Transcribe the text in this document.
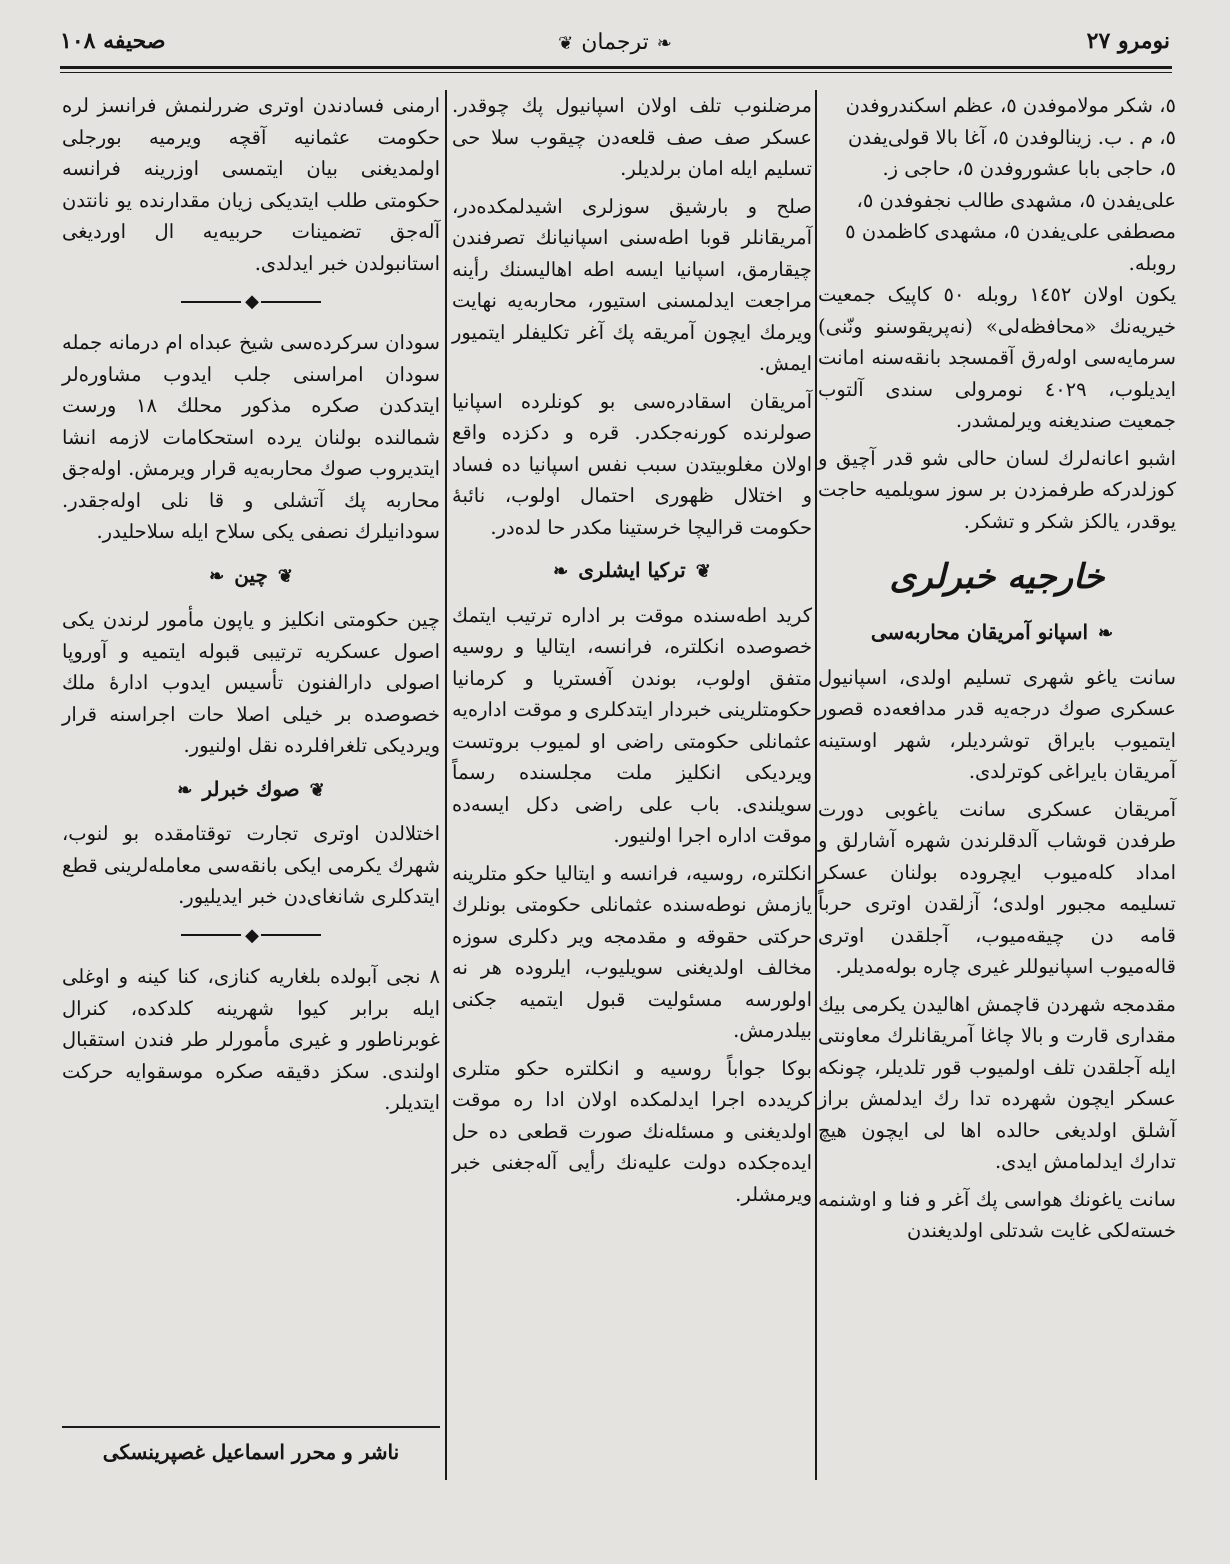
صحیفه ١٠٨	❦ ترجمان ❧	نومرو ٢٧
٥، شکر مولاموفدن ٥، عظم اسکندروفدن
٥، م . ب. زینالوفدن ٥، آغا بالا قولی‌یفدن
٥، حاجی بابا عشوروفدن ٥، حاجی ز.
علی‌یفدن ٥، مشهدی طالب نجفوفدن ٥،
مصطفی علی‌یفدن ٥، مشهدی کاظمدن ٥
روبله.

یکون اولان ١٤٥٢ روبله ٥٠ کاپیک جمعیت خیریه‌نك «محافظه‌لی» (نه‌پریقوسنو ونّنی) سرمایه‌سی اوله‌رق آقمسجد بانقه‌سنه امانت ایدیلوب، ٤٠٢٩ نومرولی سندی آلتوب جمعیت صندیغنه ویرلمشدر.

اشبو اعانه‌لرك لسان حالی شو قدر آچیق و کوزلدرکه طرفمزدن بر سوز سویلمیه حاجت یوقدر، یالکز شکر و تشکر.

خارجیه خبرلری
❧اسپانو آمریقان محاربه‌سی

سانت یاغو شهری تسلیم اولدی، اسپانیول عسکری صوك درجه‌یه قدر مدافعه‌ده قصور ایتمیوب بایراق توشردیلر، شهر اوستینه آمریقان بایراغی کوترلدی.

آمریقان عسکری سانت یاغوبی دورت طرفدن قوشاب آلدقلرندن شهره آشارلق و امداد کله‌میوب ایچروده بولنان عسکر تسلیمه مجبور اولدی؛ آزلقدن اوتری حرباً قامه دن چیقه‌میوب، آجلقدن اوتری قاله‌میوب اسپانیوللر غیری چاره بوله‌مدیلر.

مقدمجه شهردن قاچمش اهالیدن یکرمی بیك مقداری قارت و بالا چاغا آمریقانلرك معاونتی ایله آجلقدن تلف اولمیوب قور تلدیلر، چونکه عسکر ایچون شهرده تدا رك ایدلمش براز آشلق اولدیغی حالده اها لی ایچون هیچ تدارك ایدلمامش ایدی.

سانت یاغونك هواسی پك آغر و فنا و اوشنمه خسته‌لکی غایت شدتلی اولدیغندن

مرضلنوب تلف اولان اسپانیول پك چوقدر. عسکر صف صف قلعه‌دن چیقوب سلا حی تسلیم ایله امان برلدیلر.

صلح و بارشیق سوزلری اشیدلمکده‌در، آمریقانلر قوبا اطه‌سنی اسپانیانك تصرفندن چیقارمق، اسپانیا ایسه اطه اهالیسنك رأینه مراجعت ایدلمسنی استیور، محاربه‌یه نهایت ویرمك ایچون آمریقه پك آغر تکلیفلر ایتمیور ایمش.

آمریقان اسقادره‌سی بو کونلرده اسپانیا صولرنده کورنه‌جکدر. قره و دکزده واقع اولان مغلوبیتدن سبب نفس اسپانیا ده فساد و اختلال ظهوری احتمال اولوب، نائبهٔ حکومت قرالیچا خرستینا مکدر حا لده‌در.

❦ترکیا ایشلری❧

کرید اطه‌سنده موقت بر اداره ترتیب ایتمك خصوصده انکلتره، فرانسه، ایتالیا و روسیه متفق اولوب، بوندن آفستریا و کرمانیا حکومتلرینی خبردار ایتدکلری و موقت اداره‌یه عثمانلی حکومتی راضی او لمیوب بروتست ویردیکی انکلیز ملت مجلسنده رسماً سویلندی. باب علی راضی دکل ایسه‌ده موقت اداره اجرا اولنیور.

انکلتره، روسیه، فرانسه و ایتالیا حکو متلرینه یازمش نوطه‌سنده عثمانلی حکومتی بونلرك حرکتی حقوقه و مقدمجه ویر دکلری سوزه مخالف اولدیغنی سویلیوب، ایلروده هر نه اولورسه مسئولیت قبول ایتمیه جکنی بیلدرمش.

بوکا جواباً روسیه و انکلتره حکو متلری کریدده اجرا ایدلمکده اولان ادا ره موقت اولدیغنی و مسئله‌نك صورت قطعی ده حل ایده‌جکده دولت علیه‌نك رأیی آله‌جغنی خبر ویرمشلر.

ارمنی فسادندن اوتری ضررلنمش فرانسز لره حکومت عثمانیه آقچه ویرمیه بورجلی اولمدیغنی بیان ایتمسی اوزرینه فرانسه حکومتی طلب ایتدیکی زیان مقدارنده یو نانتدن آله‌جق تضمینات حربیه‌یه ال اوردیغی استانبولدن خبر ایدلدی.

◆

سودان سرکرده‌سی شیخ عبداه ام درمانه جمله سودان امراسنی جلب ایدوب مشاوره‌لر ایتدکدن صکره مذکور محلك ١٨ ورست شمالنده بولنان یرده استحکامات لازمه انشا ایتدیروب صوك محاربه‌یه قرار ویرمش. اوله‌جق محاربه پك آتشلی و قا نلی اوله‌جقدر. سودانیلرك نصفی یکی سلاح ایله سلاحلیدر.

❦چین❧

چین حکومتی انکلیز و یاپون مأمور لرندن یکی اصول عسکریه ترتیبی قبوله ایتمیه و آوروپا اصولی دارالفنون تأسیس ایدوب ادارهٔ ملك خصوصده بر خیلی اصلا حات اجراسنه قرار ویردیکی تلغرافلرده نقل اولنیور.

❦صوك خبرلر❧

اختلالدن اوتری تجارت توقتامقده بو لنوب، شهرك یکرمی ایکی بانقه‌سی معامله‌لرینی قطع ایتدکلری شانغای‌دن خبر ایدیلیور.

◆

٨ نجی آبولده بلغاریه کنازی، کنا کینه و اوغلی ایله برابر کیوا شهرینه کلدکده، کنرال غوبرناطور و غیری مأمورلر طر فندن استقبال اولندی. سکز دقیقه صکره موسقوایه حرکت ایتدیلر.

ناشر و محرر اسماعیل غصپرینسکی
